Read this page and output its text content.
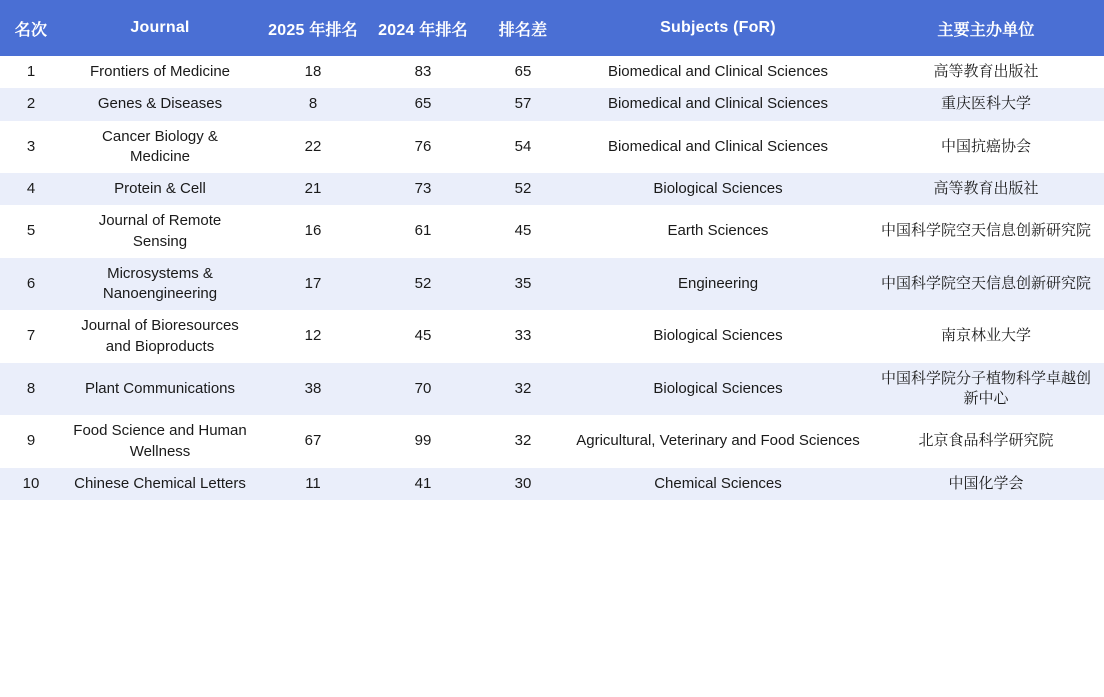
名次	Journal	2025 年排名	2024 年排名	排名差	Subjects (FoR)	主要主办单位
1	Frontiers of Medicine	18	83	65	Biomedical and Clinical Sciences	高等教育出版社
2	Genes & Diseases	8	65	57	Biomedical and Clinical Sciences	重庆医科大学
3	Cancer Biology & Medicine	22	76	54	Biomedical and Clinical Sciences	中国抗癌协会
4	Protein & Cell	21	73	52	Biological Sciences	高等教育出版社
5	Journal of Remote Sensing	16	61	45	Earth Sciences	中国科学院空天信息创新研究院
6	Microsystems & Nanoengineering	17	52	35	Engineering	中国科学院空天信息创新研究院
7	Journal of Bioresources and Bioproducts	12	45	33	Biological Sciences	南京林业大学
8	Plant Communications	38	70	32	Biological Sciences	中国科学院分子植物科学卓越创新中心
9	Food Science and Human Wellness	67	99	32	Agricultural, Veterinary and Food Sciences	北京食品科学研究院
10	Chinese Chemical Letters	11	41	30	Chemical Sciences	中国化学会
